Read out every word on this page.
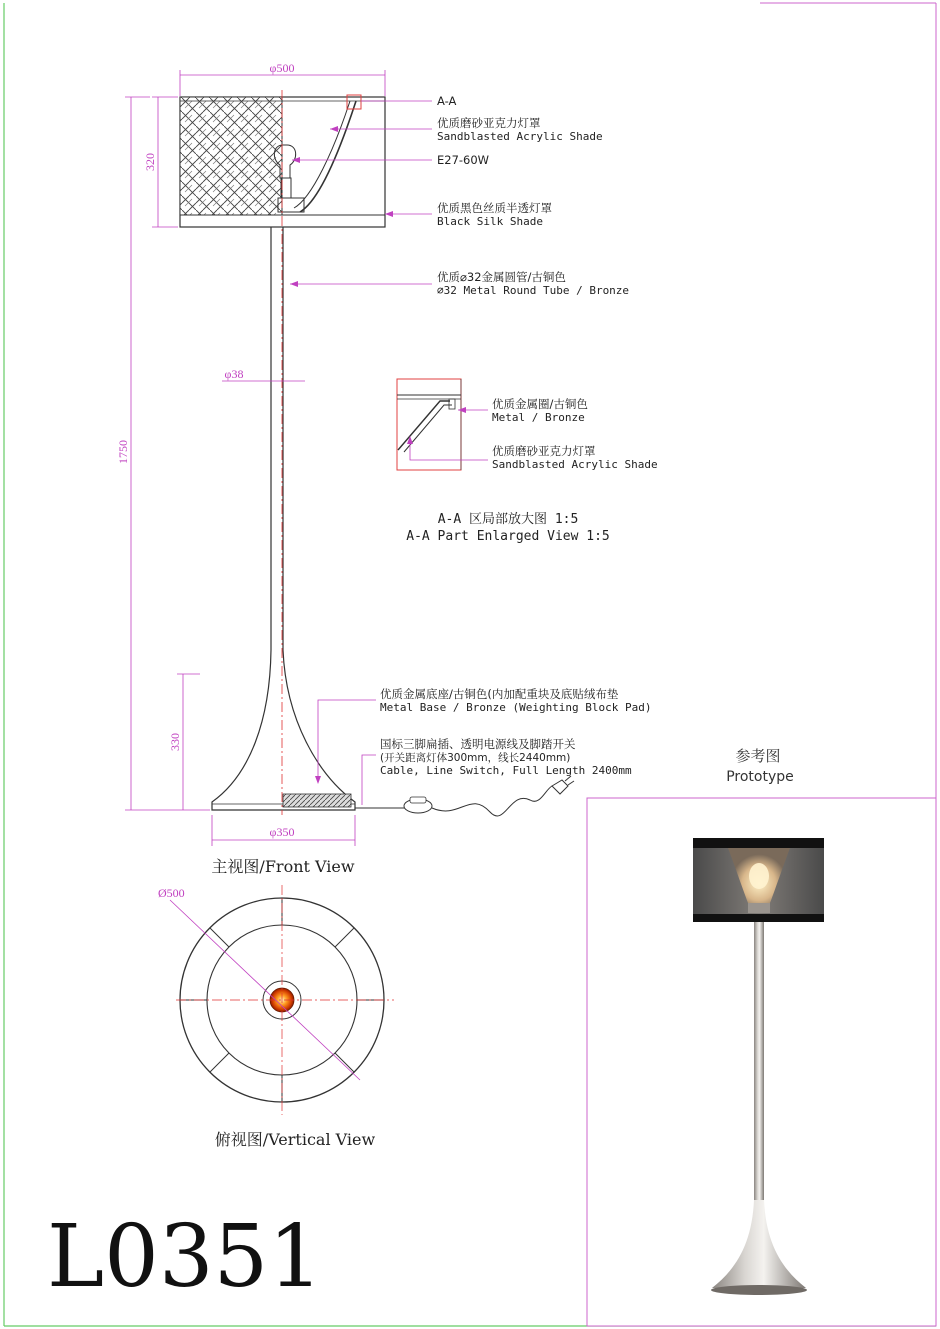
φ500
320
1750
φ38
330
φ350
A-A
优质磨砂亚克力灯罩
Sandblasted Acrylic Shade
E27-60W
优质黑色丝质半透灯罩
Black Silk Shade
优质⌀32金属圆管/古铜色
⌀32 Metal Round Tube / Bronze
优质金属底座/古铜色(内加配重块及底贴绒布垫
Metal Base / Bronze (Weighting Block Pad)
国标三脚扁插、透明电源线及脚踏开关
(开关距离灯体300mm，线长2440mm)
Cable, Line Switch, Full Length 2400mm
主视图/Front View
优质金属圈/古铜色
Metal / Bronze
优质磨砂亚克力灯罩
Sandblasted Acrylic Shade
A-A 区局部放大图 1:5
A-A Part Enlarged View 1:5
Ø500
俯视图/Vertical View
L0351
参考图
Prototype
